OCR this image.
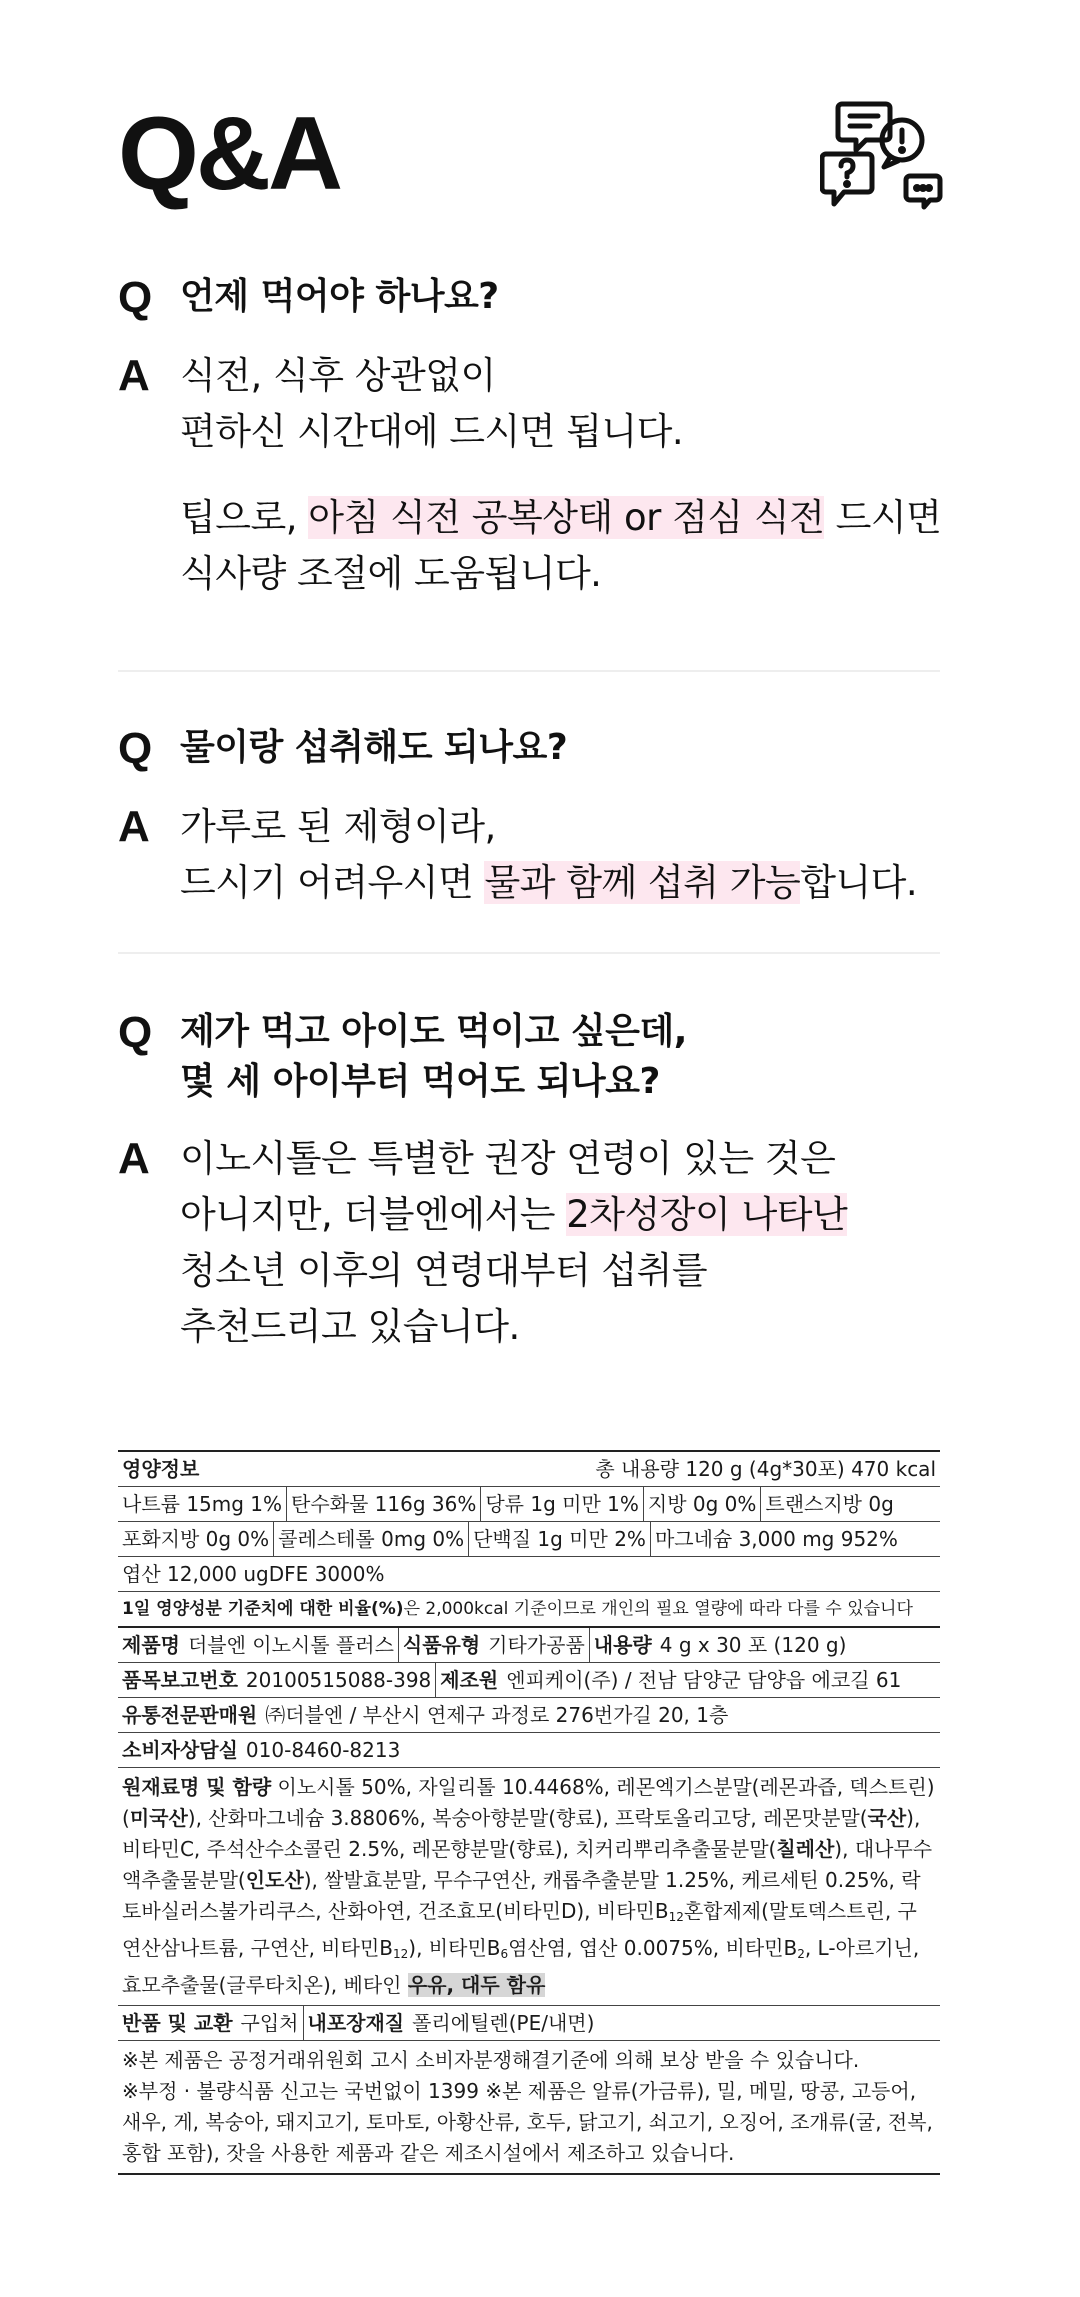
Q&A
Q 언제 먹어야 하나요?
A 식전, 식후 상관없이
편하신 시간대에 드시면 됩니다.
팁으로, 아침 식전 공복상태 or 점심 식전 드시면
식사량 조절에 도움됩니다.
Q 물이랑 섭취해도 되나요?
A 가루로 된 제형이라,
드시기 어려우시면 물과 함께 섭취 가능합니다.
Q 제가 먹고 아이도 먹이고 싶은데,
몇 세 아이부터 먹어도 되나요?
A 이노시톨은 특별한 권장 연령이 있는 것은
아니지만, 더블엔에서는 2차성장이 나타난
청소년 이후의 연령대부터 섭취를
추천드리고 있습니다.
영양정보	총 내용량 120 g (4g*30포) 470 kcal
나트륨 15mg 1% 탄수화물 116g 36% 당류 1g 미만 1% 지방 0g 0% 트랜스지방 0g
포화지방 0g 0% 콜레스테롤 0mg 0% 단백질 1g 미만 2% 마그네슘 3,000 mg 952%
엽산 12,000 ugDFE 3000%
1일 영양성분 기준치에 대한 비율(%)은 2,000kcal 기준이므로 개인의 필요 열량에 따라 다를 수 있습니다
제품명 더블엔 이노시톨 플러스 식품유형 기타가공품 내용량 4 g x 30 포 (120 g)
품목보고번호 20100515088-398 제조원 엔피케이(주) / 전남 담양군 담양읍 에코길 61
유통전문판매원 ㈜더블엔 / 부산시 연제구 과정로 276번가길 20, 1층
소비자상담실 010-8460-8213
원재료명 및 함량 이노시톨 50%, 자일리톨 10.4468%, 레몬엑기스분말(레몬과즙, 덱스트린)(미국산), 산화마그네슘 3.8806%, 복숭아향분말(향료), 프락토올리고당, 레몬맛분말(국산), 비타민C, 주석산수소콜린 2.5%, 레몬향분말(향료), 치커리뿌리추출물분말(칠레산), 대나무수액추출물분말(인도산), 쌀발효분말, 무수구연산, 캐롭추출분말 1.25%, 케르세틴 0.25%, 락토바실러스불가리쿠스, 산화아연, 건조효모(비타민D), 비타민$B_{12}$혼합제제(말토덱스트린, 구연산삼나트륨, 구연산, 비타민$B_{12}$), 비타민$B_6$염산염, 엽산 0.0075%, 비타민$B_2$, L-아르기닌, 효모추출물(글루타치온), 베타인 우유, 대두 함유
반품 및 교환 구입처 내포장재질 폴리에틸렌(PE/내면)
※본 제품은 공정거래위원회 고시 소비자분쟁해결기준에 의해 보상 받을 수 있습니다.
※부정 · 불량식품 신고는 국번없이 1399 ※본 제품은 알류(가금류), 밀, 메밀, 땅콩, 고등어, 새우, 게, 복숭아, 돼지고기, 토마토, 아황산류, 호두, 닭고기, 쇠고기, 오징어, 조개류(굴, 전복, 홍합 포함), 잣을 사용한 제품과 같은 제조시설에서 제조하고 있습니다.
